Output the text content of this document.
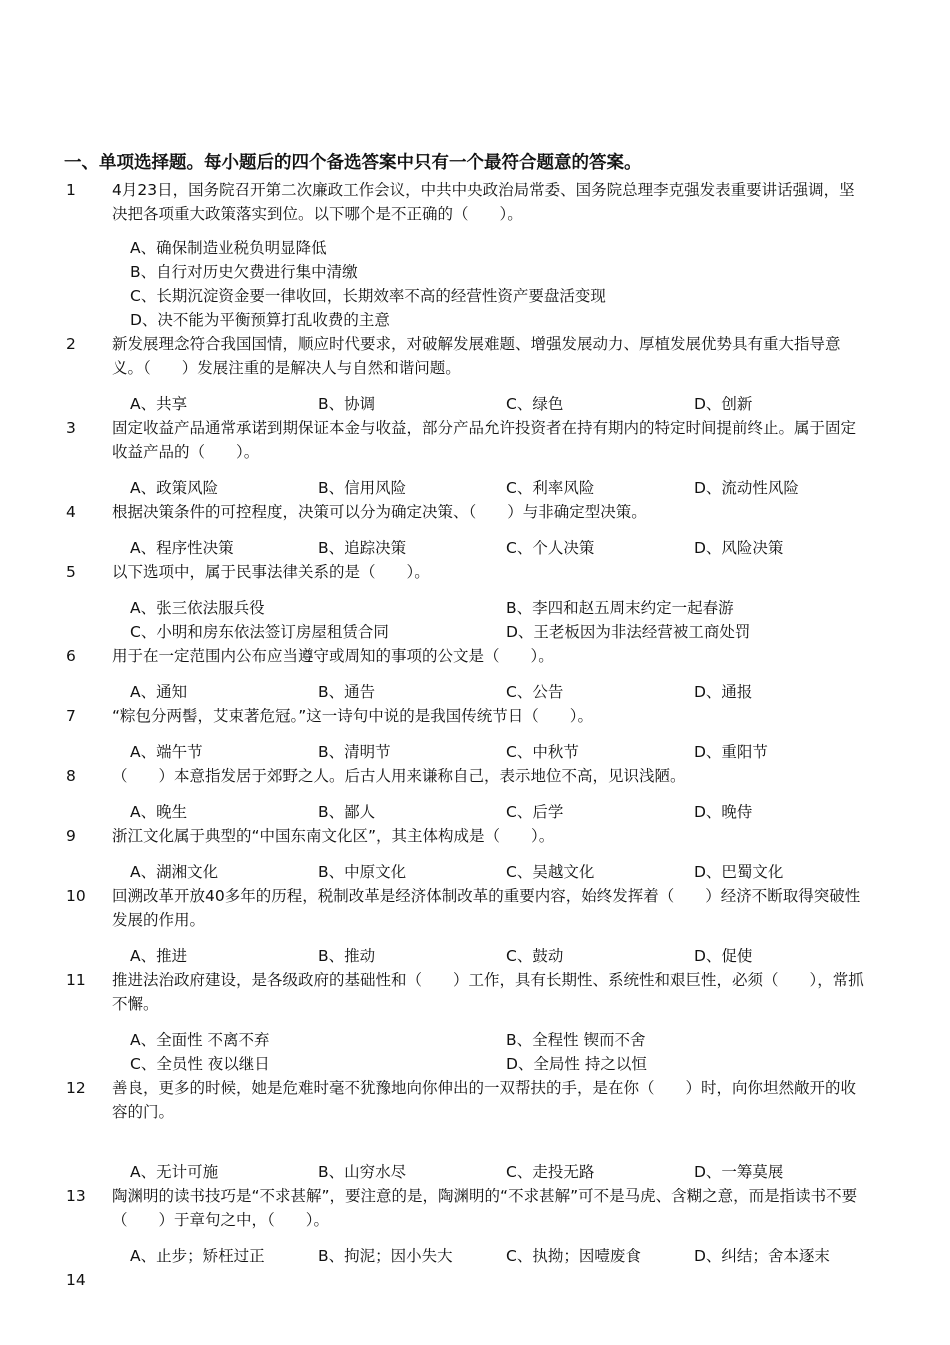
一、单项选择题。每小题后的四个备选答案中只有一个最符合题意的答案。
1 4月23日，国务院召开第二次廉政工作会议，中共中央政治局常委、国务院总理李克强发表重要讲话强调，坚决把各项重大政策落实到位。以下哪个是不正确的（　　）。
A、确保制造业税负明显降低
B、自行对历史欠费进行集中清缴
C、长期沉淀资金要一律收回，长期效率不高的经营性资产要盘活变现
D、决不能为平衡预算打乱收费的主意
2 新发展理念符合我国国情，顺应时代要求，对破解发展难题、增强发展动力、厚植发展优势具有重大指导意义。（　　）发展注重的是解决人与自然和谐问题。
A、共享	B、协调	C、绿色	D、创新
3 固定收益产品通常承诺到期保证本金与收益，部分产品允许投资者在持有期内的特定时间提前终止。属于固定收益产品的（　　）。
A、政策风险	B、信用风险	C、利率风险	D、流动性风险
4 根据决策条件的可控程度，决策可以分为确定决策、（　　）与非确定型决策。
A、程序性决策	B、追踪决策	C、个人决策	D、风险决策
5 以下选项中，属于民事法律关系的是（　　）。
A、张三依法服兵役	B、李四和赵五周末约定一起春游
C、小明和房东依法签订房屋租赁合同	D、王老板因为非法经营被工商处罚
6 用于在一定范围内公布应当遵守或周知的事项的公文是（　　）。
A、通知	B、通告	C、公告	D、通报
7 “粽包分两髻，艾束著危冠。”这一诗句中说的是我国传统节日（　　）。
A、端午节	B、清明节	C、中秋节	D、重阳节
8 （　　）本意指发居于郊野之人。后古人用来谦称自己，表示地位不高，见识浅陋。
A、晚生	B、鄙人	C、后学	D、晚侍
9 浙江文化属于典型的“中国东南文化区”，其主体构成是（　　）。
A、湖湘文化	B、中原文化	C、吴越文化	D、巴蜀文化
10 回溯改革开放40多年的历程，税制改革是经济体制改革的重要内容，始终发挥着（　　）经济不断取得突破性发展的作用。
A、推进	B、推动	C、鼓动	D、促使
11 推进法治政府建设，是各级政府的基础性和（　　）工作，具有长期性、系统性和艰巨性，必须（　　），常抓不懈。
A、全面性 不离不弃	B、全程性 锲而不舍
C、全员性 夜以继日	D、全局性 持之以恒
12 善良，更多的时候，她是危难时毫不犹豫地向你伸出的一双帮扶的手，是在你（　　）时，向你坦然敞开的收容的门。
A、无计可施	B、山穷水尽	C、走投无路	D、一筹莫展
13 陶渊明的读书技巧是“不求甚解”，要注意的是，陶渊明的“不求甚解”可不是马虎、含糊之意，而是指读书不要（　　）于章句之中，（　　）。
A、止步；矫枉过正	B、拘泥；因小失大	C、执拗；因噎废食	D、纠结；舍本逐末
14
